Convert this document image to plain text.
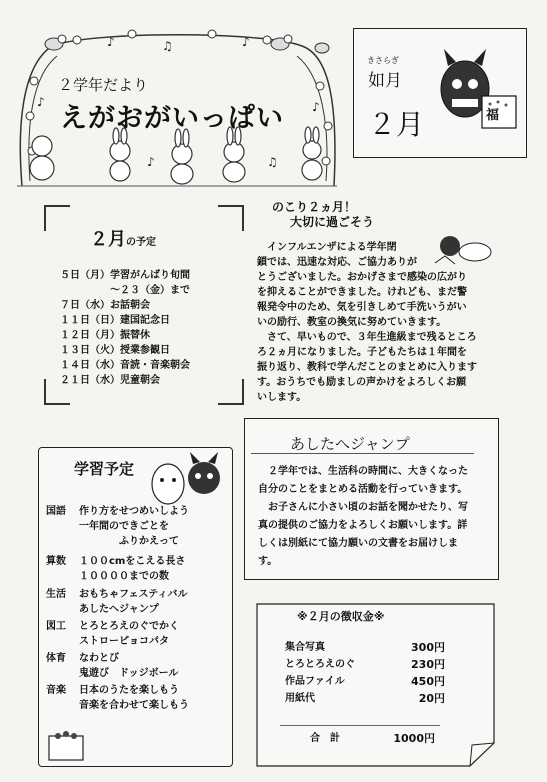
♪	♫	♪
♪	♪
♪	♫
２学年だより
えがおがいっぱい
きさらぎ
如月
２月	福
２月の予定
５日（月）学習がんばり旬間
　　　　　～２３（金）まで
７日（水）お話朝会
１１日（日）建国記念日
１２日（月）振替休
１３日（火）授業参観日
１４日（水）音読・音楽朝会
２１日（水）児童朝会
のこり２ヵ月！
大切に過ごそう
　インフルエンザによる学年閉
鎖では、迅速な対応、ご協力ありが
とうございました。おかげさまで感染の広がり
を抑えることができました。けれども、まだ警
報発令中のため、気を引きしめて手洗いうがい
いの励行、教室の換気に努めていきます。
　さて、早いもので、３年生進級まで残るところ
ろ２ヵ月になりました。子どもたちは１年間を
振り返り、教科で学んだことのまとめに入ります
す。おうちでも励ましの声かけをよろしくお願
いします。
学習予定
国語	作り方をせつめいしよう
一年間のできごとを
　　　　ふりかえって
算数	１００cmをこえる長さ
１００００までの数
生活	おもちゃフェスティバル
あしたへジャンプ
図工	とろとろえのぐでかく
ストローピョコパタ
体育	なわとび
鬼遊び　ドッジボール
音楽	日本のうたを楽しもう
音楽を合わせて楽しもう
あしたへジャンプ
　２学年では、生活科の時間に、大きくなった
自分のことをまとめる活動を行っていきます。
　お子さんに小さい頃のお話を聞かせたり、写
真の提供のご協力をよろしくお願いします。詳
しくは別紙にて協力願いの文書をお届けしま
す。
※２月の徴収金※
集合写真	300円
とろとろえのぐ	230円
作品ファイル	450円
用紙代	20円
合　計	1000円
